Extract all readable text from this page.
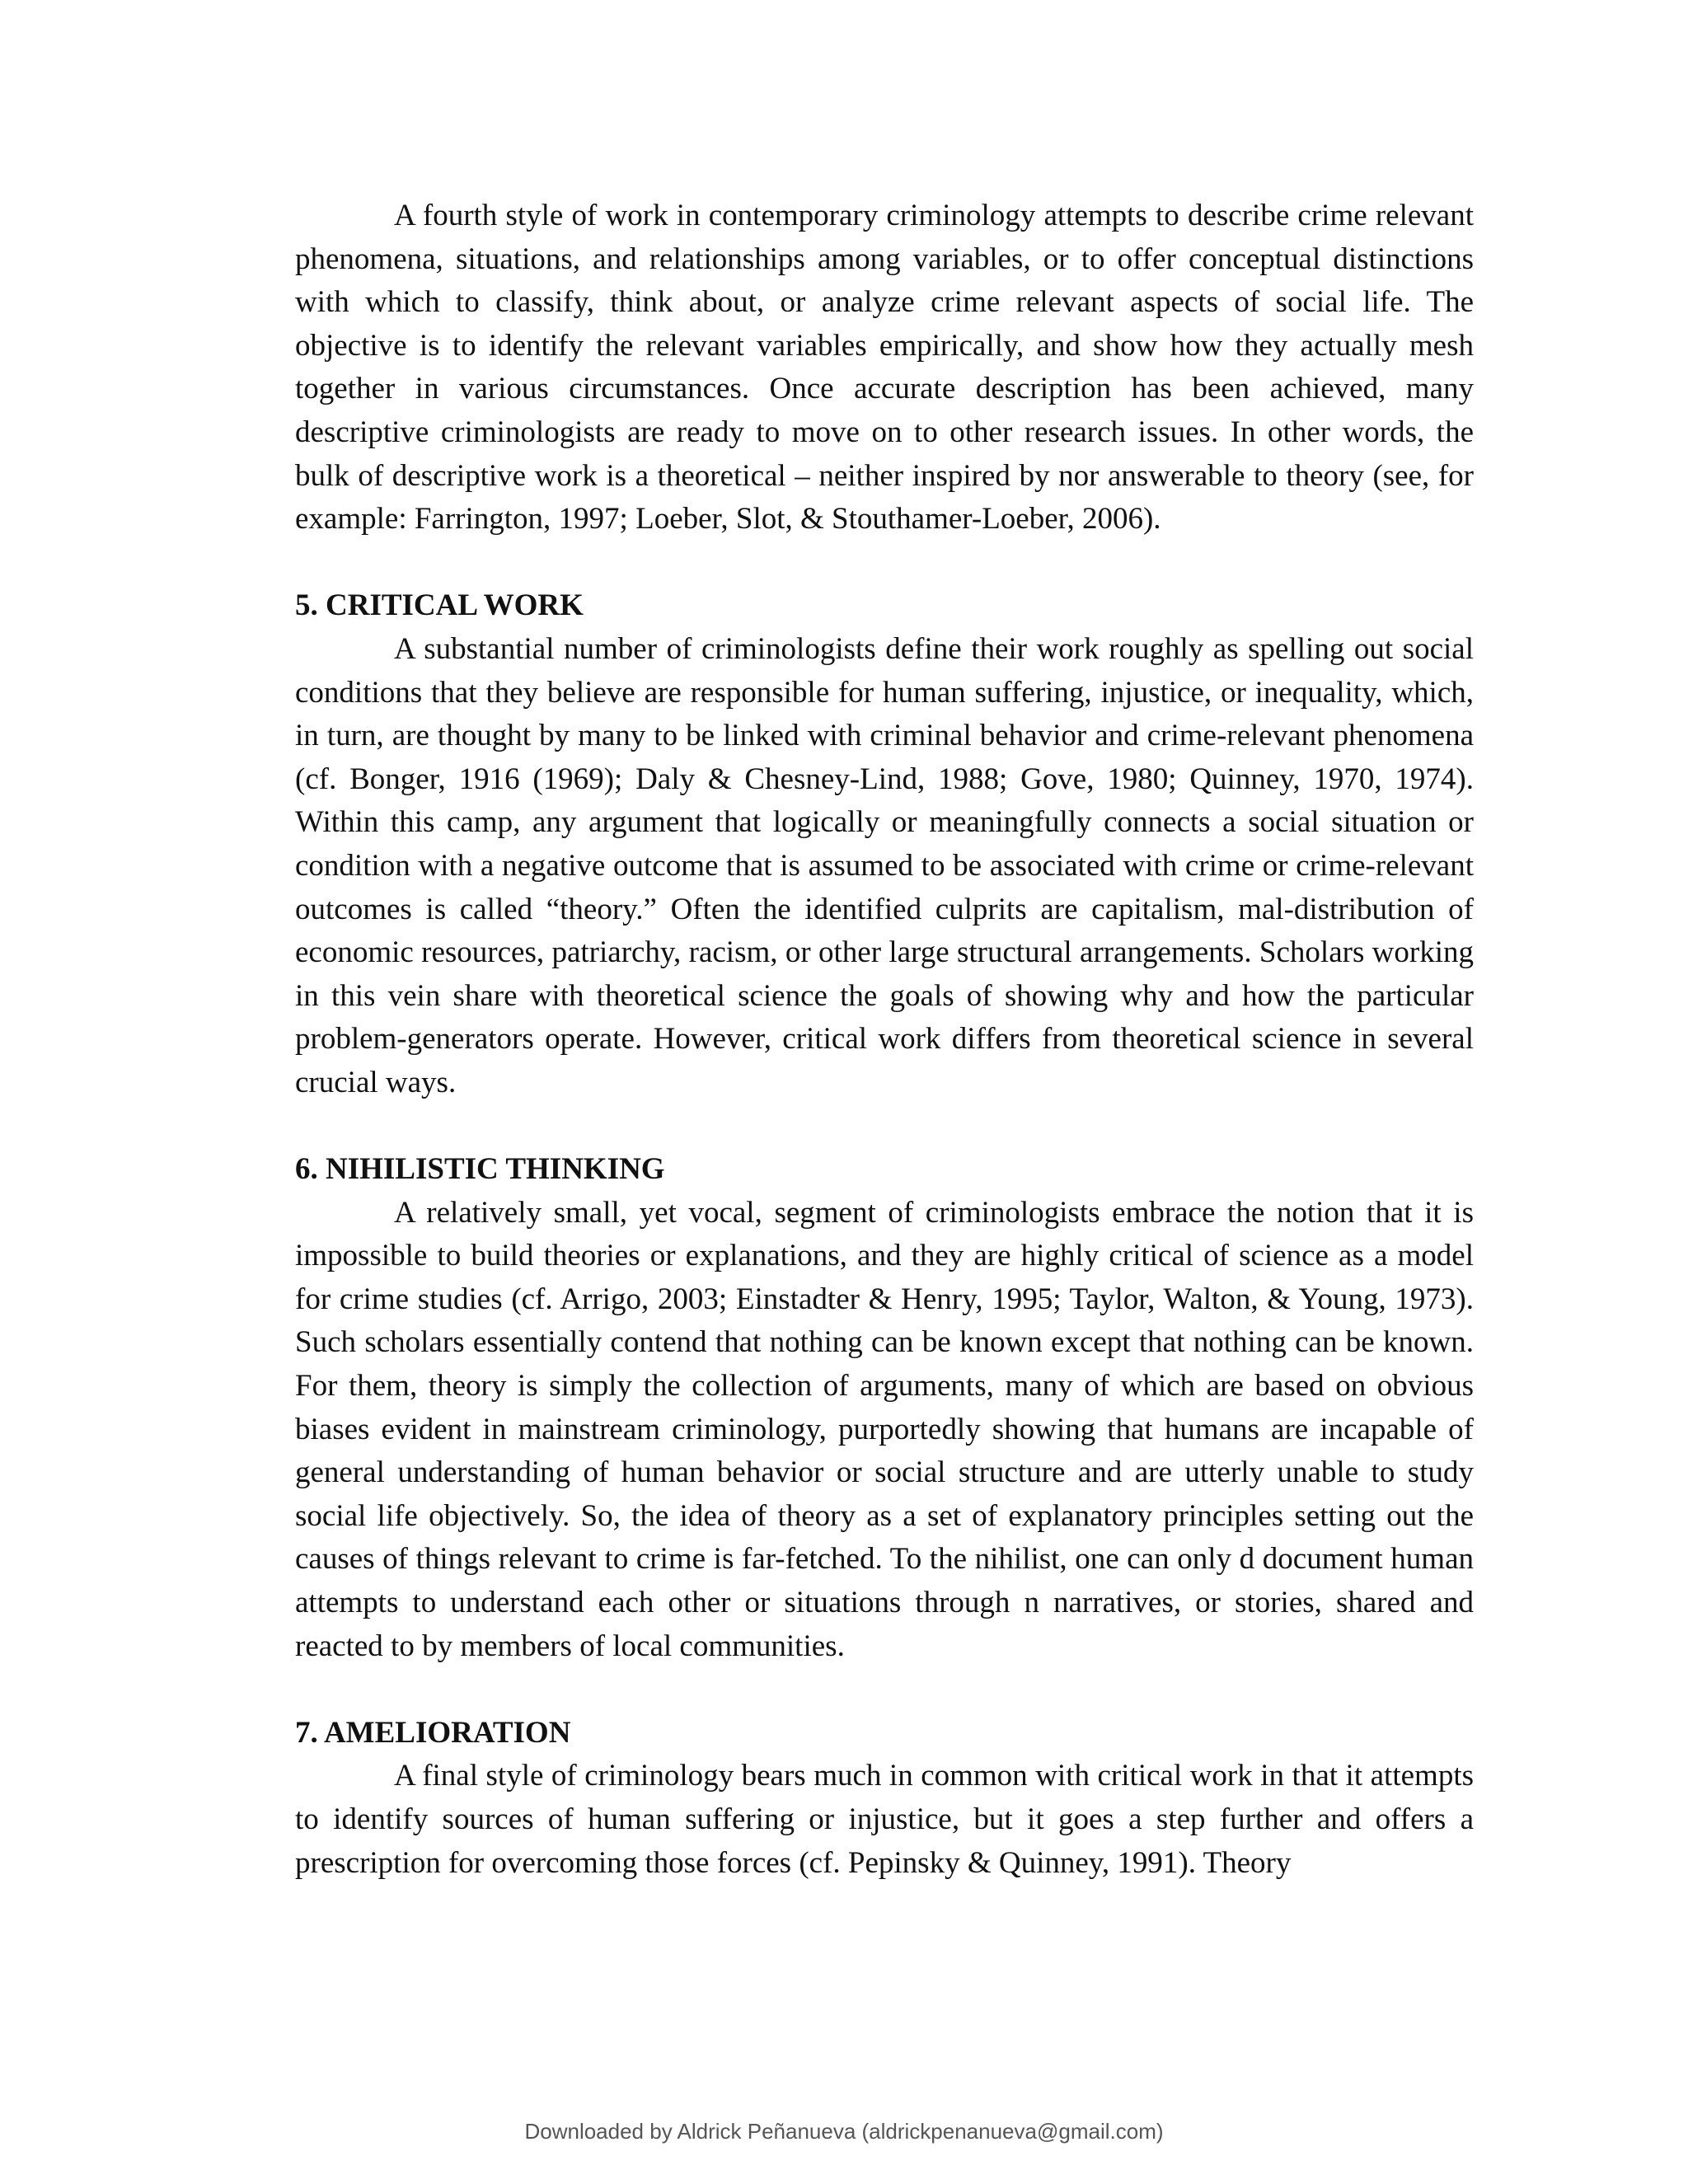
A fourth style of work in contemporary criminology attempts to describe crime relevant phenomena, situations, and relationships among variables, or to offer conceptual distinctions with which to classify, think about, or analyze crime relevant aspects of social life. The objective is to identify the relevant variables empirically, and show how they actually mesh together in various circumstances. Once accurate description has been achieved, many descriptive criminologists are ready to move on to other research issues. In other words, the bulk of descriptive work is a theoretical – neither inspired by nor answerable to theory (see, for example: Farrington, 1997; Loeber, Slot, & Stouthamer-Loeber, 2006).

5. CRITICAL WORK

A substantial number of criminologists define their work roughly as spelling out social conditions that they believe are responsible for human suffering, injustice, or inequality, which, in turn, are thought by many to be linked with criminal behavior and crime-relevant phenomena (cf. Bonger, 1916 (1969); Daly & Chesney-Lind, 1988; Gove, 1980; Quinney, 1970, 1974). Within this camp, any argument that logically or meaningfully connects a social situation or condition with a negative outcome that is assumed to be associated with crime or crime-relevant outcomes is called “theory.” Often the identified culprits are capitalism, mal-distribution of economic resources, patriarchy, racism, or other large structural arrangements. Scholars working in this vein share with theoretical science the goals of showing why and how the particular problem-generators operate. However, critical work differs from theoretical science in several crucial ways.

6. NIHILISTIC THINKING

A relatively small, yet vocal, segment of criminologists embrace the notion that it is impossible to build theories or explanations, and they are highly critical of science as a model for crime studies (cf. Arrigo, 2003; Einstadter & Henry, 1995; Taylor, Walton, & Young, 1973). Such scholars essentially contend that nothing can be known except that nothing can be known. For them, theory is simply the collection of arguments, many of which are based on obvious biases evident in mainstream criminology, purportedly showing that humans are incapable of general understanding of human behavior or social structure and are utterly unable to study social life objectively. So, the idea of theory as a set of explanatory principles setting out the causes of things relevant to crime is far-fetched. To the nihilist, one can only d document human attempts to understand each other or situations through n narratives, or stories, shared and reacted to by members of local communities.

7. AMELIORATION

A final style of criminology bears much in common with critical work in that it attempts to identify sources of human suffering or injustice, but it goes a step further and offers a prescription for overcoming those forces (cf. Pepinsky & Quinney, 1991). Theory

Downloaded by Aldrick Peñanueva (aldrickpenanueva@gmail.com)
